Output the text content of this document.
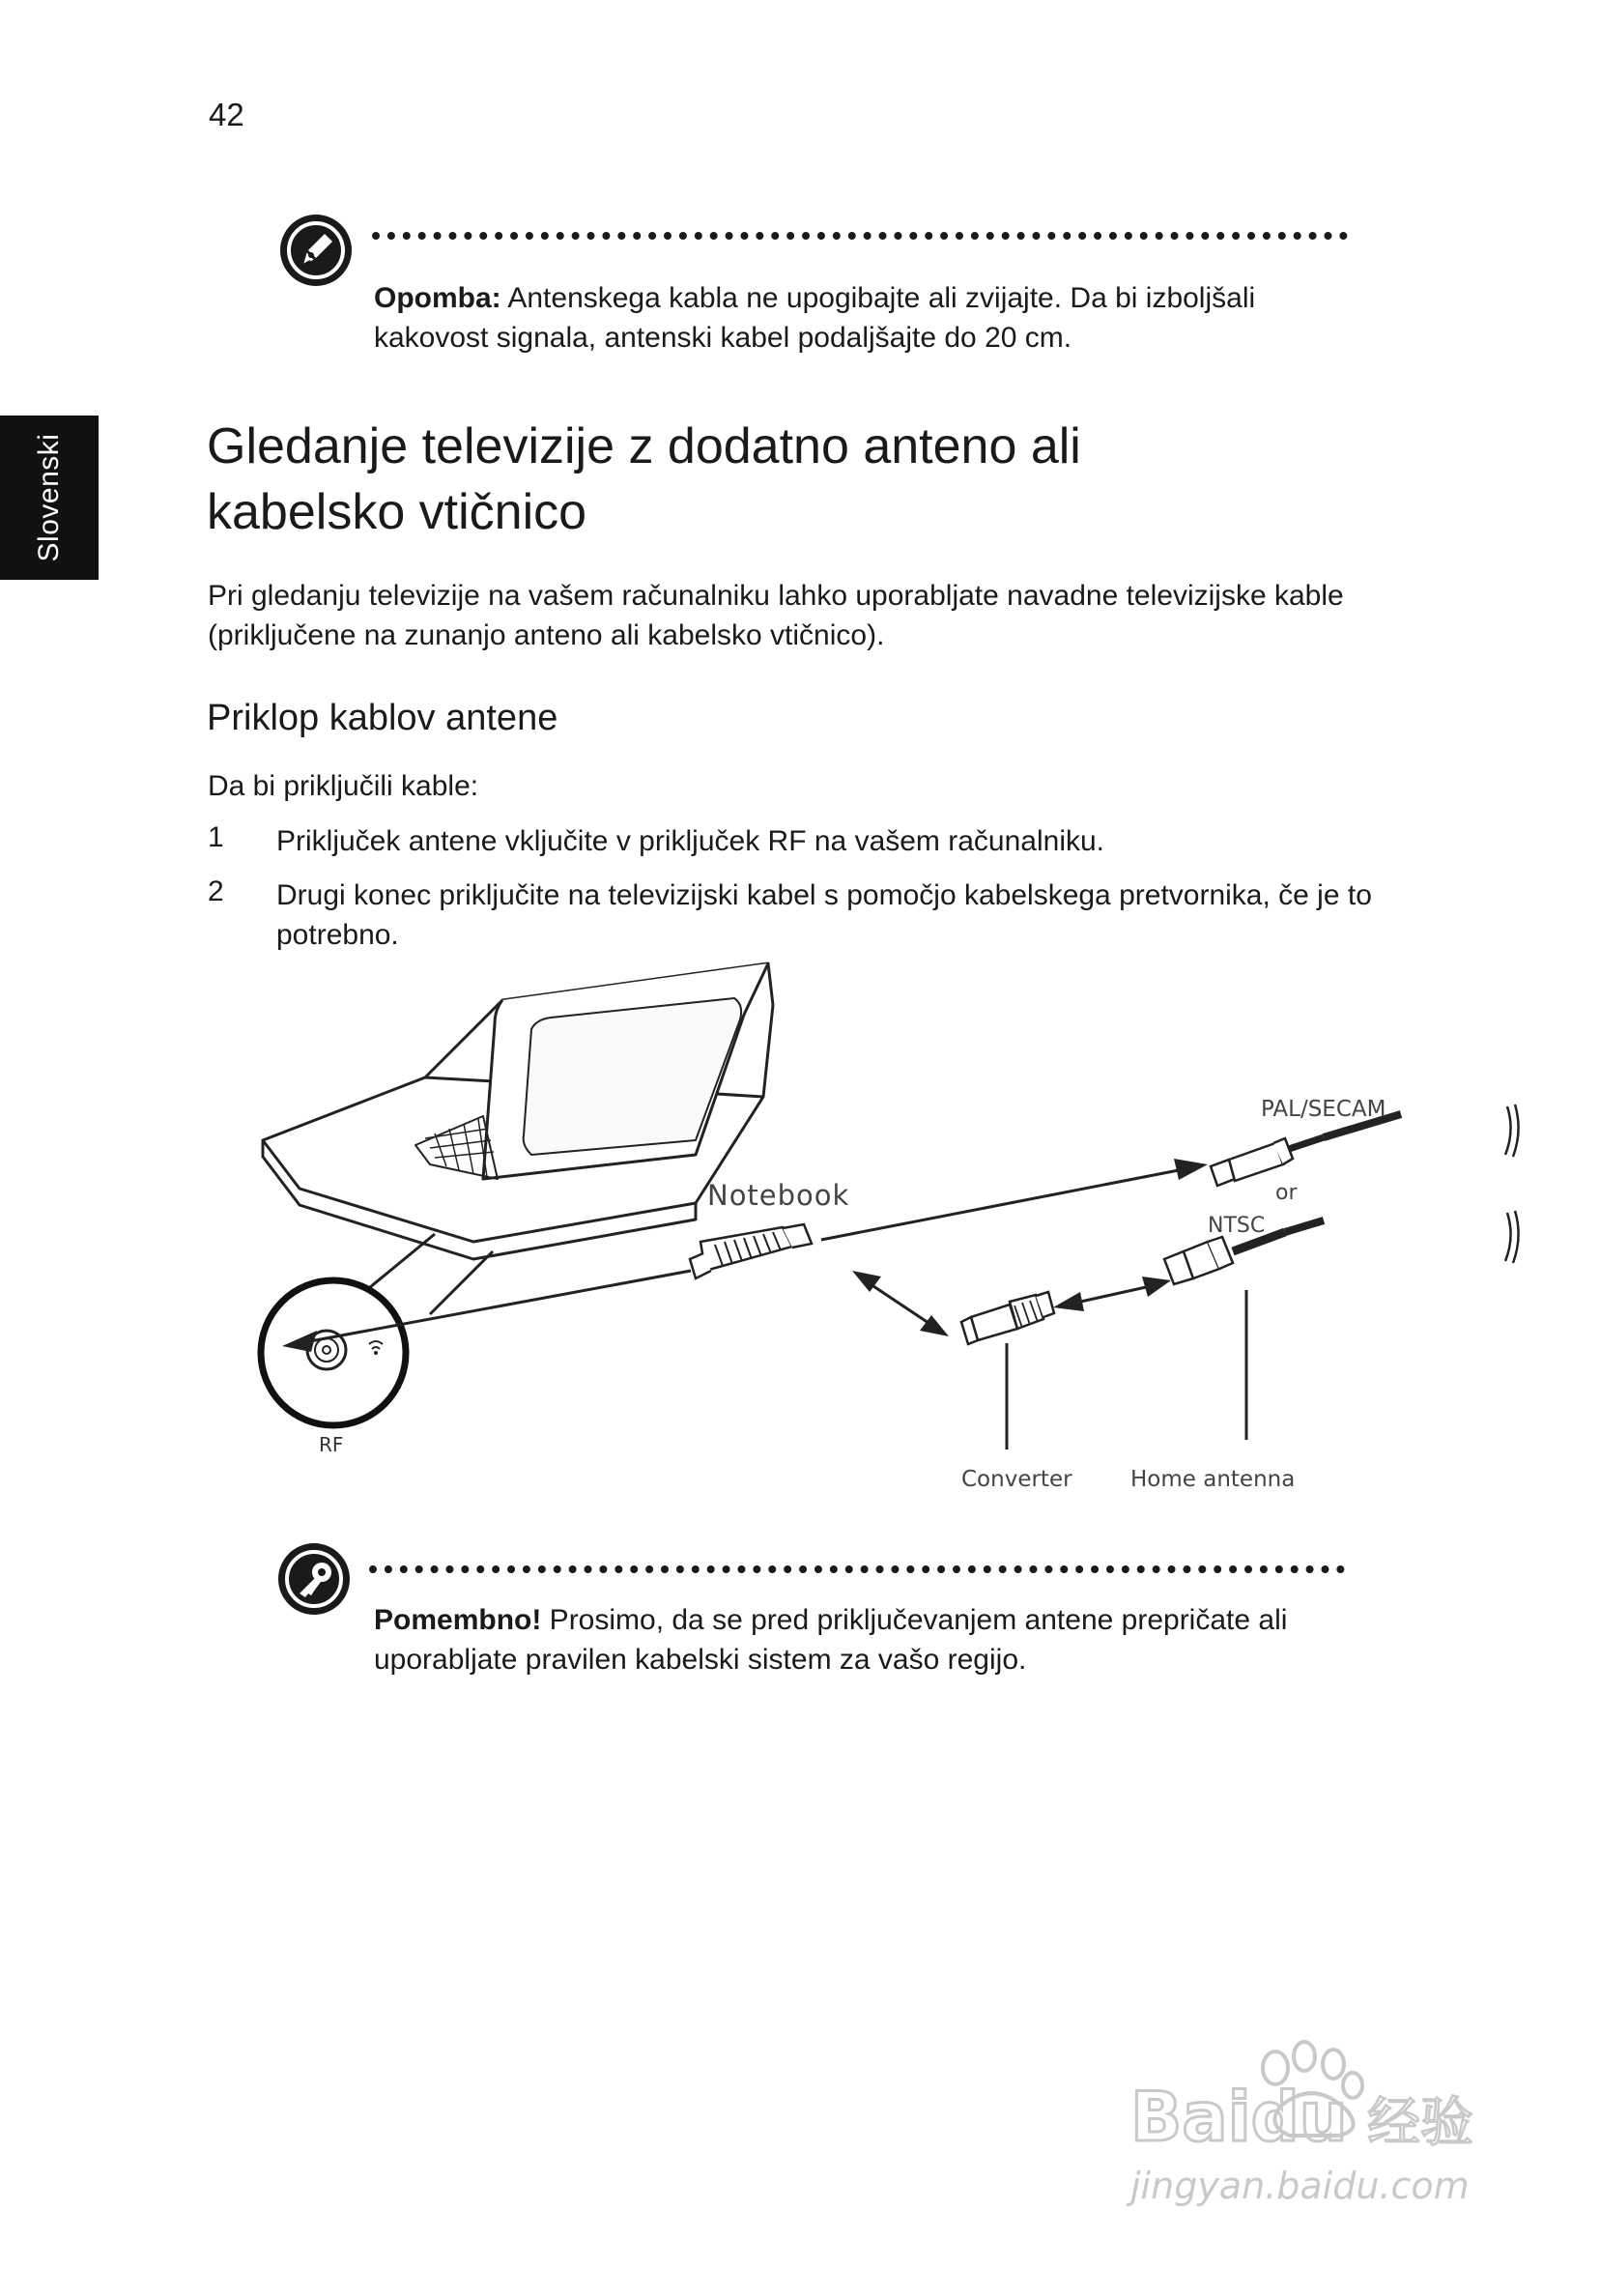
42
Slovenski
Opomba: Antenskega kabla ne upogibajte ali zvijajte. Da bi izboljšali kakovost signala, antenski kabel podaljšajte do 20 cm.
Gledanje televizije z dodatno anteno ali
kabelsko vtičnico
Pri gledanju televizije na vašem računalniku lahko uporabljate navadne televizijske kable (priključene na zunanjo anteno ali kabelsko vtičnico).
Priklop kablov antene
Da bi priključili kable:
1 Priključek antene vključite v priključek RF na vašem računalniku.
2 Drugi konec priključite na televizijski kabel s pomočjo kabelskega pretvornika, če je to potrebno.
RF
Notebook
PAL/SECAM
or
NTSC
Converter	Home antenna
Pomembno! Prosimo, da se pred priključevanjem antene prepričate ali uporabljate pravilen kabelski sistem za vašo regijo.
Baidu 经验
jingyan.baidu.com
